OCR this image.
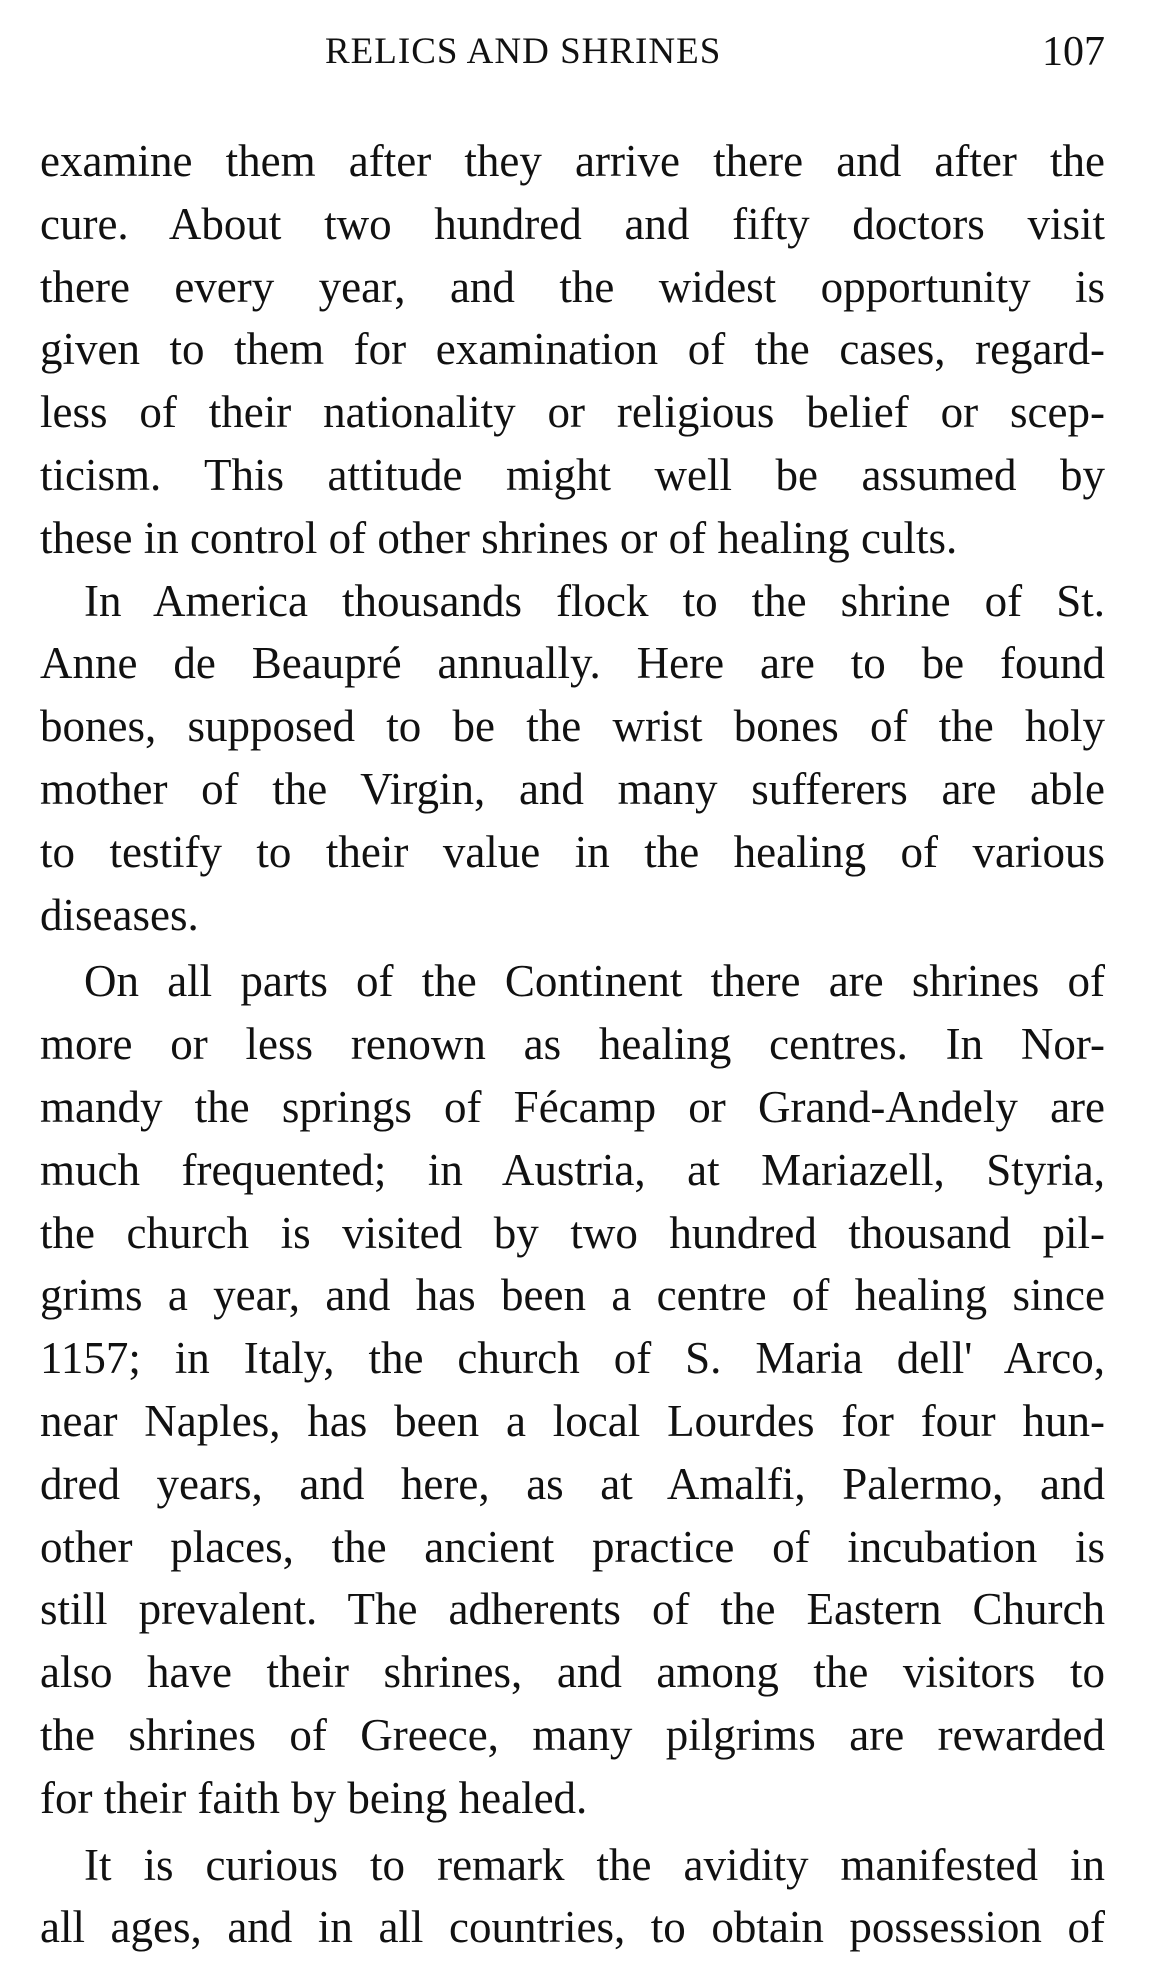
RELICS AND SHRINES	107
examine them after they arrive there and after the
cure. About two hundred and fifty doctors visit
there every year, and the widest opportunity is
given to them for examination of the cases, regard-
less of their nationality or religious belief or scep-
ticism. This attitude might well be assumed by
these in control of other shrines or of healing cults.
In America thousands flock to the shrine of St.
Anne de Beaupré annually. Here are to be found
bones, supposed to be the wrist bones of the holy
mother of the Virgin, and many sufferers are able
to testify to their value in the healing of various
diseases.
On all parts of the Continent there are shrines of
more or less renown as healing centres. In Nor-
mandy the springs of Fécamp or Grand-Andely are
much frequented; in Austria, at Mariazell, Styria,
the church is visited by two hundred thousand pil-
grims a year, and has been a centre of healing since
1157; in Italy, the church of S. Maria dell' Arco,
near Naples, has been a local Lourdes for four hun-
dred years, and here, as at Amalfi, Palermo, and
other places, the ancient practice of incubation is
still prevalent. The adherents of the Eastern Church
also have their shrines, and among the visitors to
the shrines of Greece, many pilgrims are rewarded
for their faith by being healed.
It is curious to remark the avidity manifested in
all ages, and in all countries, to obtain possession of
